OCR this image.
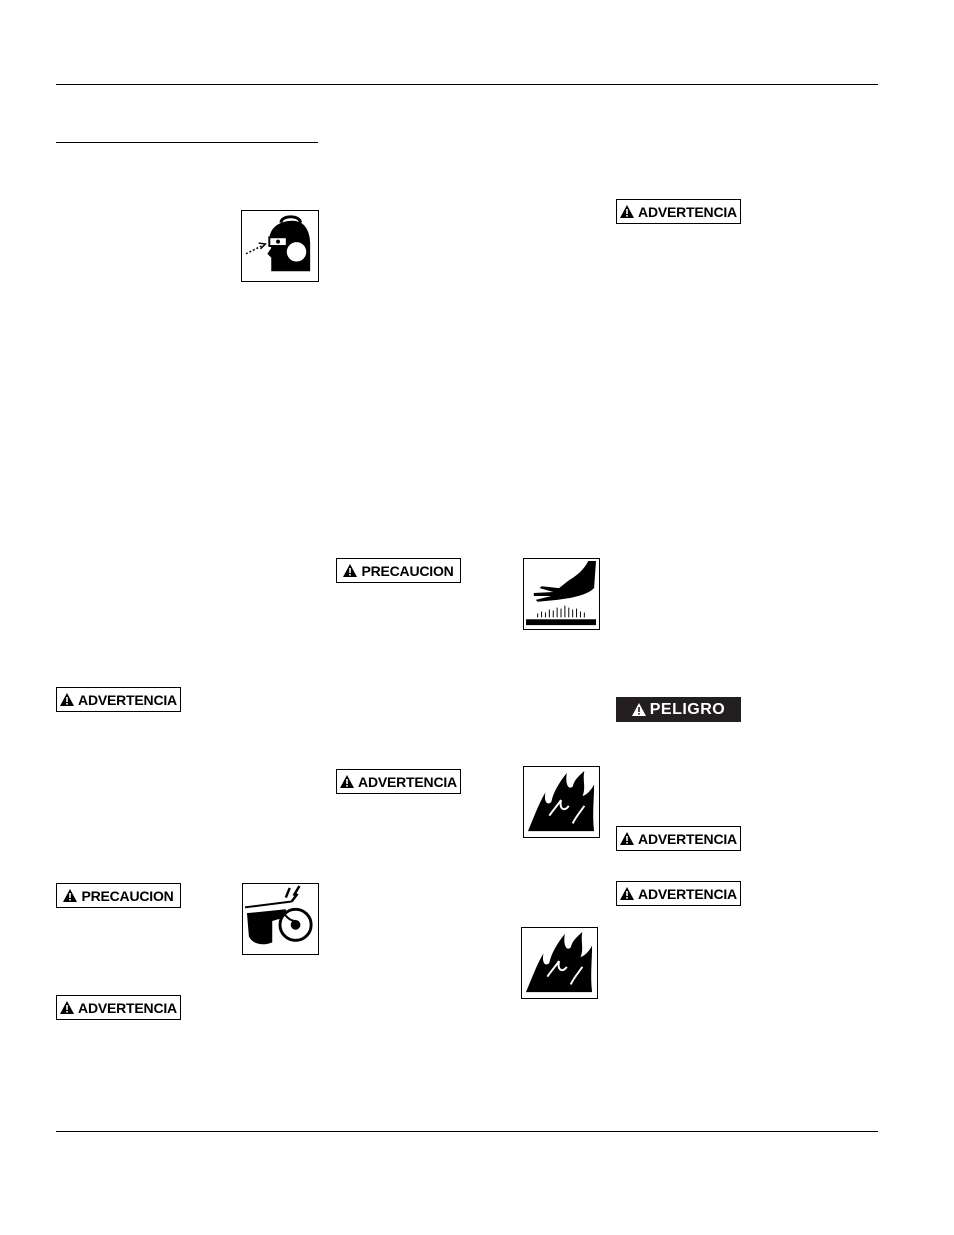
ADVERTENCIA
PRECAUCION
ADVERTENCIA
PRECAUCION
ADVERTENCIA
ADVERTENCIA
PELIGRO
ADVERTENCIA
ADVERTENCIA
